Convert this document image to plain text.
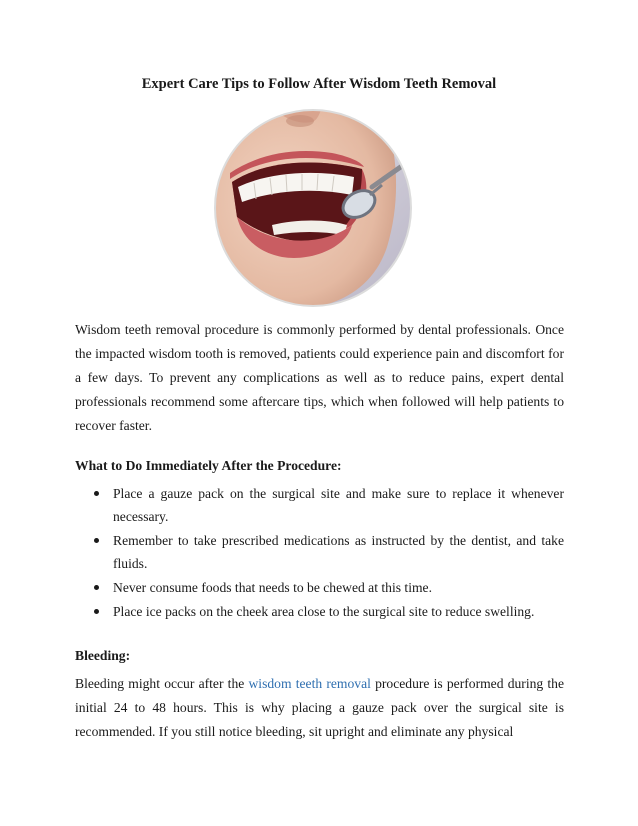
Expert Care Tips to Follow After Wisdom Teeth Removal
Wisdom teeth removal procedure is commonly performed by dental professionals. Once the impacted wisdom tooth is removed, patients could experience pain and discomfort for a few days. To prevent any complications as well as to reduce pains, expert dental professionals recommend some aftercare tips, which when followed will help patients to recover faster.
What to Do Immediately After the Procedure:
Place a gauze pack on the surgical site and make sure to replace it whenever necessary.
Remember to take prescribed medications as instructed by the dentist, and take fluids.
Never consume foods that needs to be chewed at this time.
Place ice packs on the cheek area close to the surgical site to reduce swelling.
Bleeding:
Bleeding might occur after the wisdom teeth removal procedure is performed during the initial 24 to 48 hours. This is why placing a gauze pack over the surgical site is recommended. If you still notice bleeding, sit upright and eliminate any physical
